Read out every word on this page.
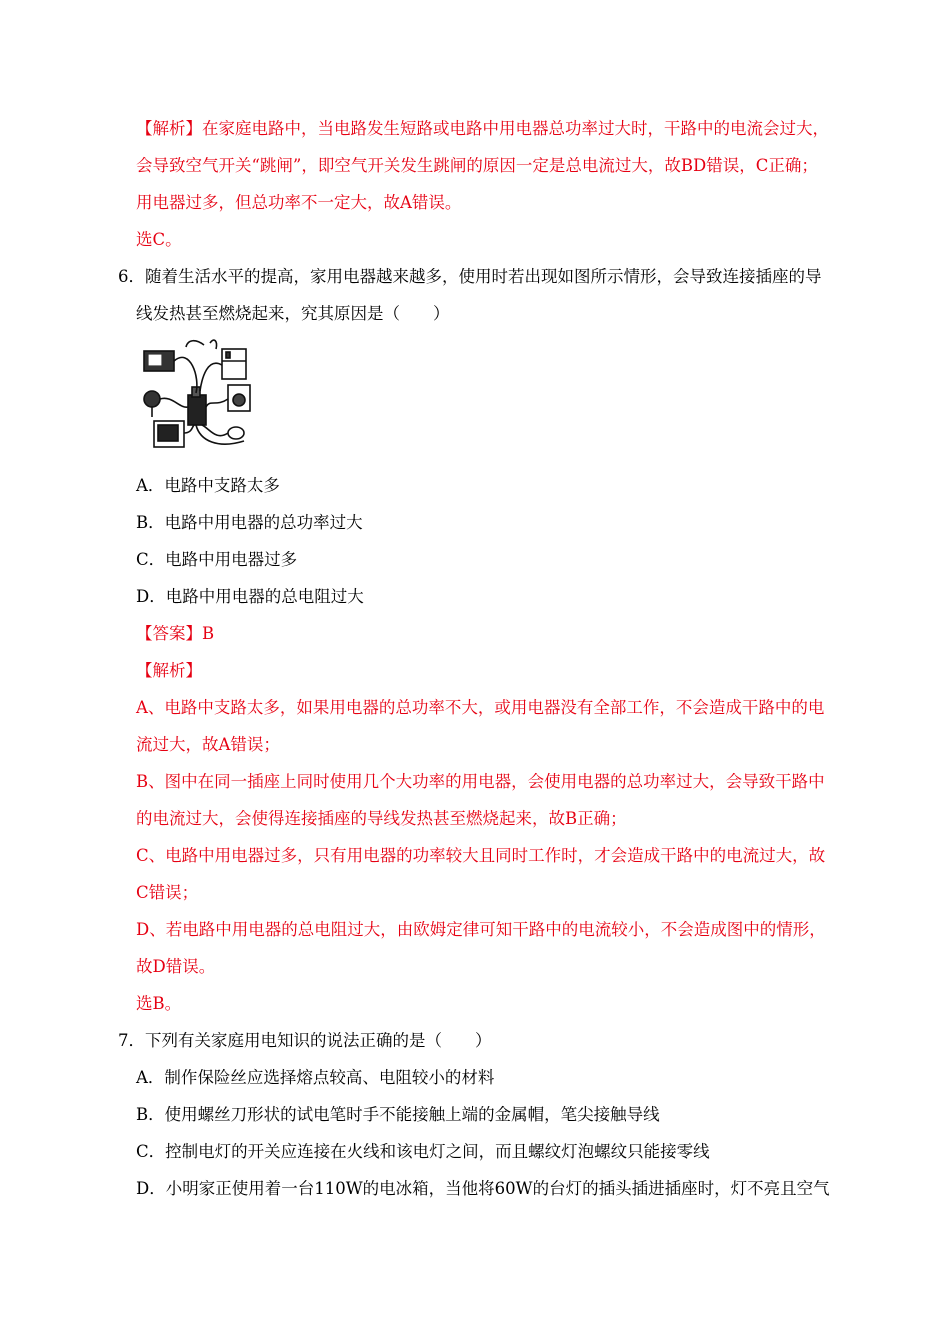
【解析】在家庭电路中，当电路发生短路或电路中用电器总功率过大时，干路中的电流会过大，
会导致空气开关“跳闸”，即空气开关发生跳闸的原因一定是总电流过大，故BD错误，C正确；
用电器过多，但总功率不一定大，故A错误。
选C。
6．随着生活水平的提高，家用电器越来越多，使用时若出现如图所示情形，会导致连接插座的导
线发热甚至燃烧起来，究其原因是（　　）
A．电路中支路太多
B．电路中用电器的总功率过大
C．电路中用电器过多
D．电路中用电器的总电阻过大
【答案】B
【解析】
A、电路中支路太多，如果用电器的总功率不大，或用电器没有全部工作，不会造成干路中的电
流过大，故A错误；
B、图中在同一插座上同时使用几个大功率的用电器，会使用电器的总功率过大，会导致干路中
的电流过大，会使得连接插座的导线发热甚至燃烧起来，故B正确；
C、电路中用电器过多，只有用电器的功率较大且同时工作时，才会造成干路中的电流过大，故
C错误；
D、若电路中用电器的总电阻过大，由欧姆定律可知干路中的电流较小，不会造成图中的情形，
故D错误。
选B。
7．下列有关家庭用电知识的说法正确的是（　　）
A．制作保险丝应选择熔点较高、电阻较小的材料
B．使用螺丝刀形状的试电笔时手不能接触上端的金属帽，笔尖接触导线
C．控制电灯的开关应连接在火线和该电灯之间，而且螺纹灯泡螺纹只能接零线
D．小明家正使用着一台110W的电冰箱，当他将60W的台灯的插头插进插座时，灯不亮且空气
